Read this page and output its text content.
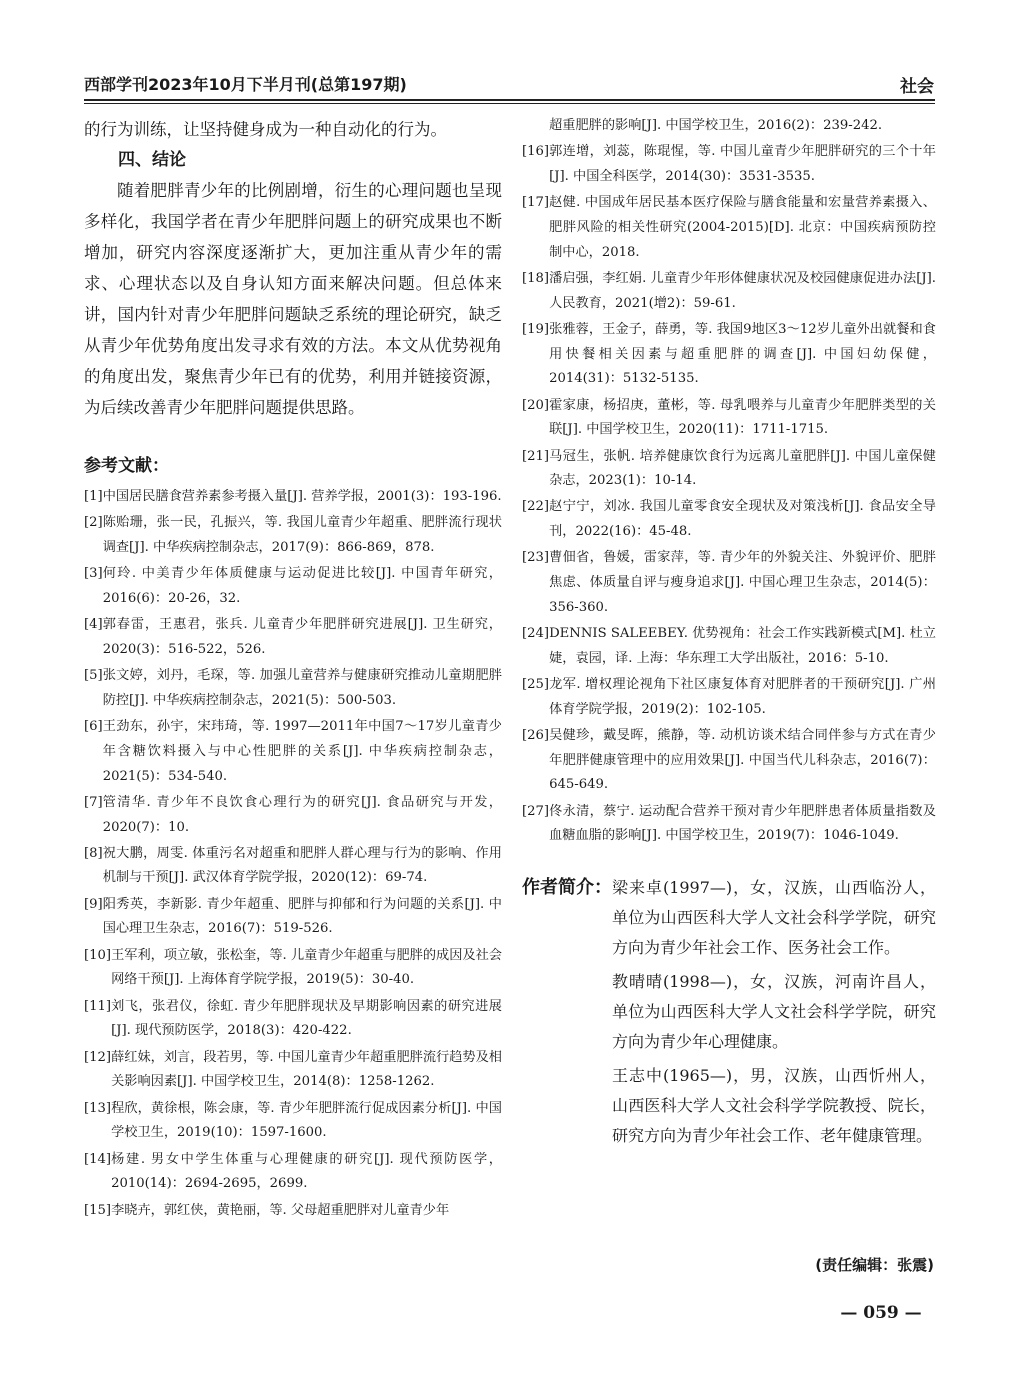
西部学刊2023年10月下半月刊(总第197期)	社会

的行为训练，让坚持健身成为一种自动化的行为。

四、结论

随着肥胖青少年的比例剧增，衍生的心理问题也呈现多样化，我国学者在青少年肥胖问题上的研究成果也不断增加，研究内容深度逐渐扩大，更加注重从青少年的需求、心理状态以及自身认知方面来解决问题。但总体来讲，国内针对青少年肥胖问题缺乏系统的理论研究，缺乏从青少年优势角度出发寻求有效的方法。本文从优势视角的角度出发，聚焦青少年已有的优势，利用并链接资源，为后续改善青少年肥胖问题提供思路。

参考文献：
[1] 中国居民膳食营养素参考摄入量[J]. 营养学报，2001(3)：193-196.
[2] 陈贻珊，张一民，孔振兴，等. 我国儿童青少年超重、肥胖流行现状调查[J]. 中华疾病控制杂志，2017(9)：866-869，878.
[3] 何玲. 中美青少年体质健康与运动促进比较[J]. 中国青年研究，2016(6)：20-26，32.
[4] 郭春雷，王惠君，张兵. 儿童青少年肥胖研究进展[J]. 卫生研究，2020(3)：516-522，526.
[5] 张文婷，刘丹，毛琛，等. 加强儿童营养与健康研究推动儿童期肥胖防控[J]. 中华疾病控制杂志，2021(5)：500-503.
[6] 王劲东，孙宇，宋玮琦，等. 1997—2011年中国7～17岁儿童青少年含糖饮料摄入与中心性肥胖的关系[J]. 中华疾病控制杂志，2021(5)：534-540.
[7] 管清华. 青少年不良饮食心理行为的研究[J]. 食品研究与开发，2020(7)：10.
[8] 祝大鹏，周雯. 体重污名对超重和肥胖人群心理与行为的影响、作用机制与干预[J]. 武汉体育学院学报，2020(12)：69-74.
[9] 阳秀英，李新影. 青少年超重、肥胖与抑郁和行为问题的关系[J]. 中国心理卫生杂志，2016(7)：519-526.
[10] 王军利，项立敏，张松奎，等. 儿童青少年超重与肥胖的成因及社会网络干预[J]. 上海体育学院学报，2019(5)：30-40.
[11] 刘飞，张君仪，徐虹. 青少年肥胖现状及早期影响因素的研究进展[J]. 现代预防医学，2018(3)：420-422.
[12] 薛红妹，刘言，段若男，等. 中国儿童青少年超重肥胖流行趋势及相关影响因素[J]. 中国学校卫生，2014(8)：1258-1262.
[13] 程欣，黄徐根，陈会康，等. 青少年肥胖流行促成因素分析[J]. 中国学校卫生，2019(10)：1597-1600.
[14] 杨建. 男女中学生体重与心理健康的研究[J]. 现代预防医学，2010(14)：2694-2695，2699.
[15] 李晓卉，郭红侠，黄艳丽，等. 父母超重肥胖对儿童青少年
超重肥胖的影响[J]. 中国学校卫生，2016(2)：239-242.
[16] 郭连增，刘蕊，陈琨惺，等. 中国儿童青少年肥胖研究的三个十年[J]. 中国全科医学，2014(30)：3531-3535.
[17] 赵健. 中国成年居民基本医疗保险与膳食能量和宏量营养素摄入、肥胖风险的相关性研究(2004-2015)[D]. 北京：中国疾病预防控制中心，2018.
[18] 潘启强，李红娟. 儿童青少年形体健康状况及校园健康促进办法[J]. 人民教育，2021(增2)：59-61.
[19] 张雅蓉，王金子，薛勇，等. 我国9地区3～12岁儿童外出就餐和食用快餐相关因素与超重肥胖的调查[J]. 中国妇幼保健，2014(31)：5132-5135.
[20] 霍家康，杨招庚，董彬，等. 母乳喂养与儿童青少年肥胖类型的关联[J]. 中国学校卫生，2020(11)：1711-1715.
[21] 马冠生，张帆. 培养健康饮食行为远离儿童肥胖[J]. 中国儿童保健杂志，2023(1)：10-14.
[22] 赵宁宁，刘冰. 我国儿童零食安全现状及对策浅析[J]. 食品安全导刊，2022(16)：45-48.
[23] 曹佃省，鲁媛，雷家萍，等. 青少年的外貌关注、外貌评价、肥胖焦虑、体质量自评与瘦身追求[J]. 中国心理卫生杂志，2014(5)：356-360.
[24] DENNIS SALEEBEY. 优势视角：社会工作实践新模式[M]. 杜立婕，袁园，译. 上海：华东理工大学出版社，2016：5-10.
[25] 龙军. 增权理论视角下社区康复体育对肥胖者的干预研究[J]. 广州体育学院学报，2019(2)：102-105.
[26] 吴健珍，戴旻晖，熊静，等. 动机访谈术结合同伴参与方式在青少年肥胖健康管理中的应用效果[J]. 中国当代儿科杂志，2016(7)：645-649.
[27] 佟永清，蔡宁. 运动配合营养干预对青少年肥胖患者体质量指数及血糖血脂的影响[J]. 中国学校卫生，2019(7)：1046-1049.
作者简介： 梁来卓(1997—)，女，汉族，山西临汾人，单位为山西医科大学人文社会科学学院，研究方向为青少年社会工作、医务社会工作。

教晴晴(1998—)，女，汉族，河南许昌人，单位为山西医科大学人文社会科学学院，研究方向为青少年心理健康。

王志中(1965—)，男，汉族，山西忻州人，山西医科大学人文社会科学学院教授、院长，研究方向为青少年社会工作、老年健康管理。

(责任编辑：张震)
— 059 —
